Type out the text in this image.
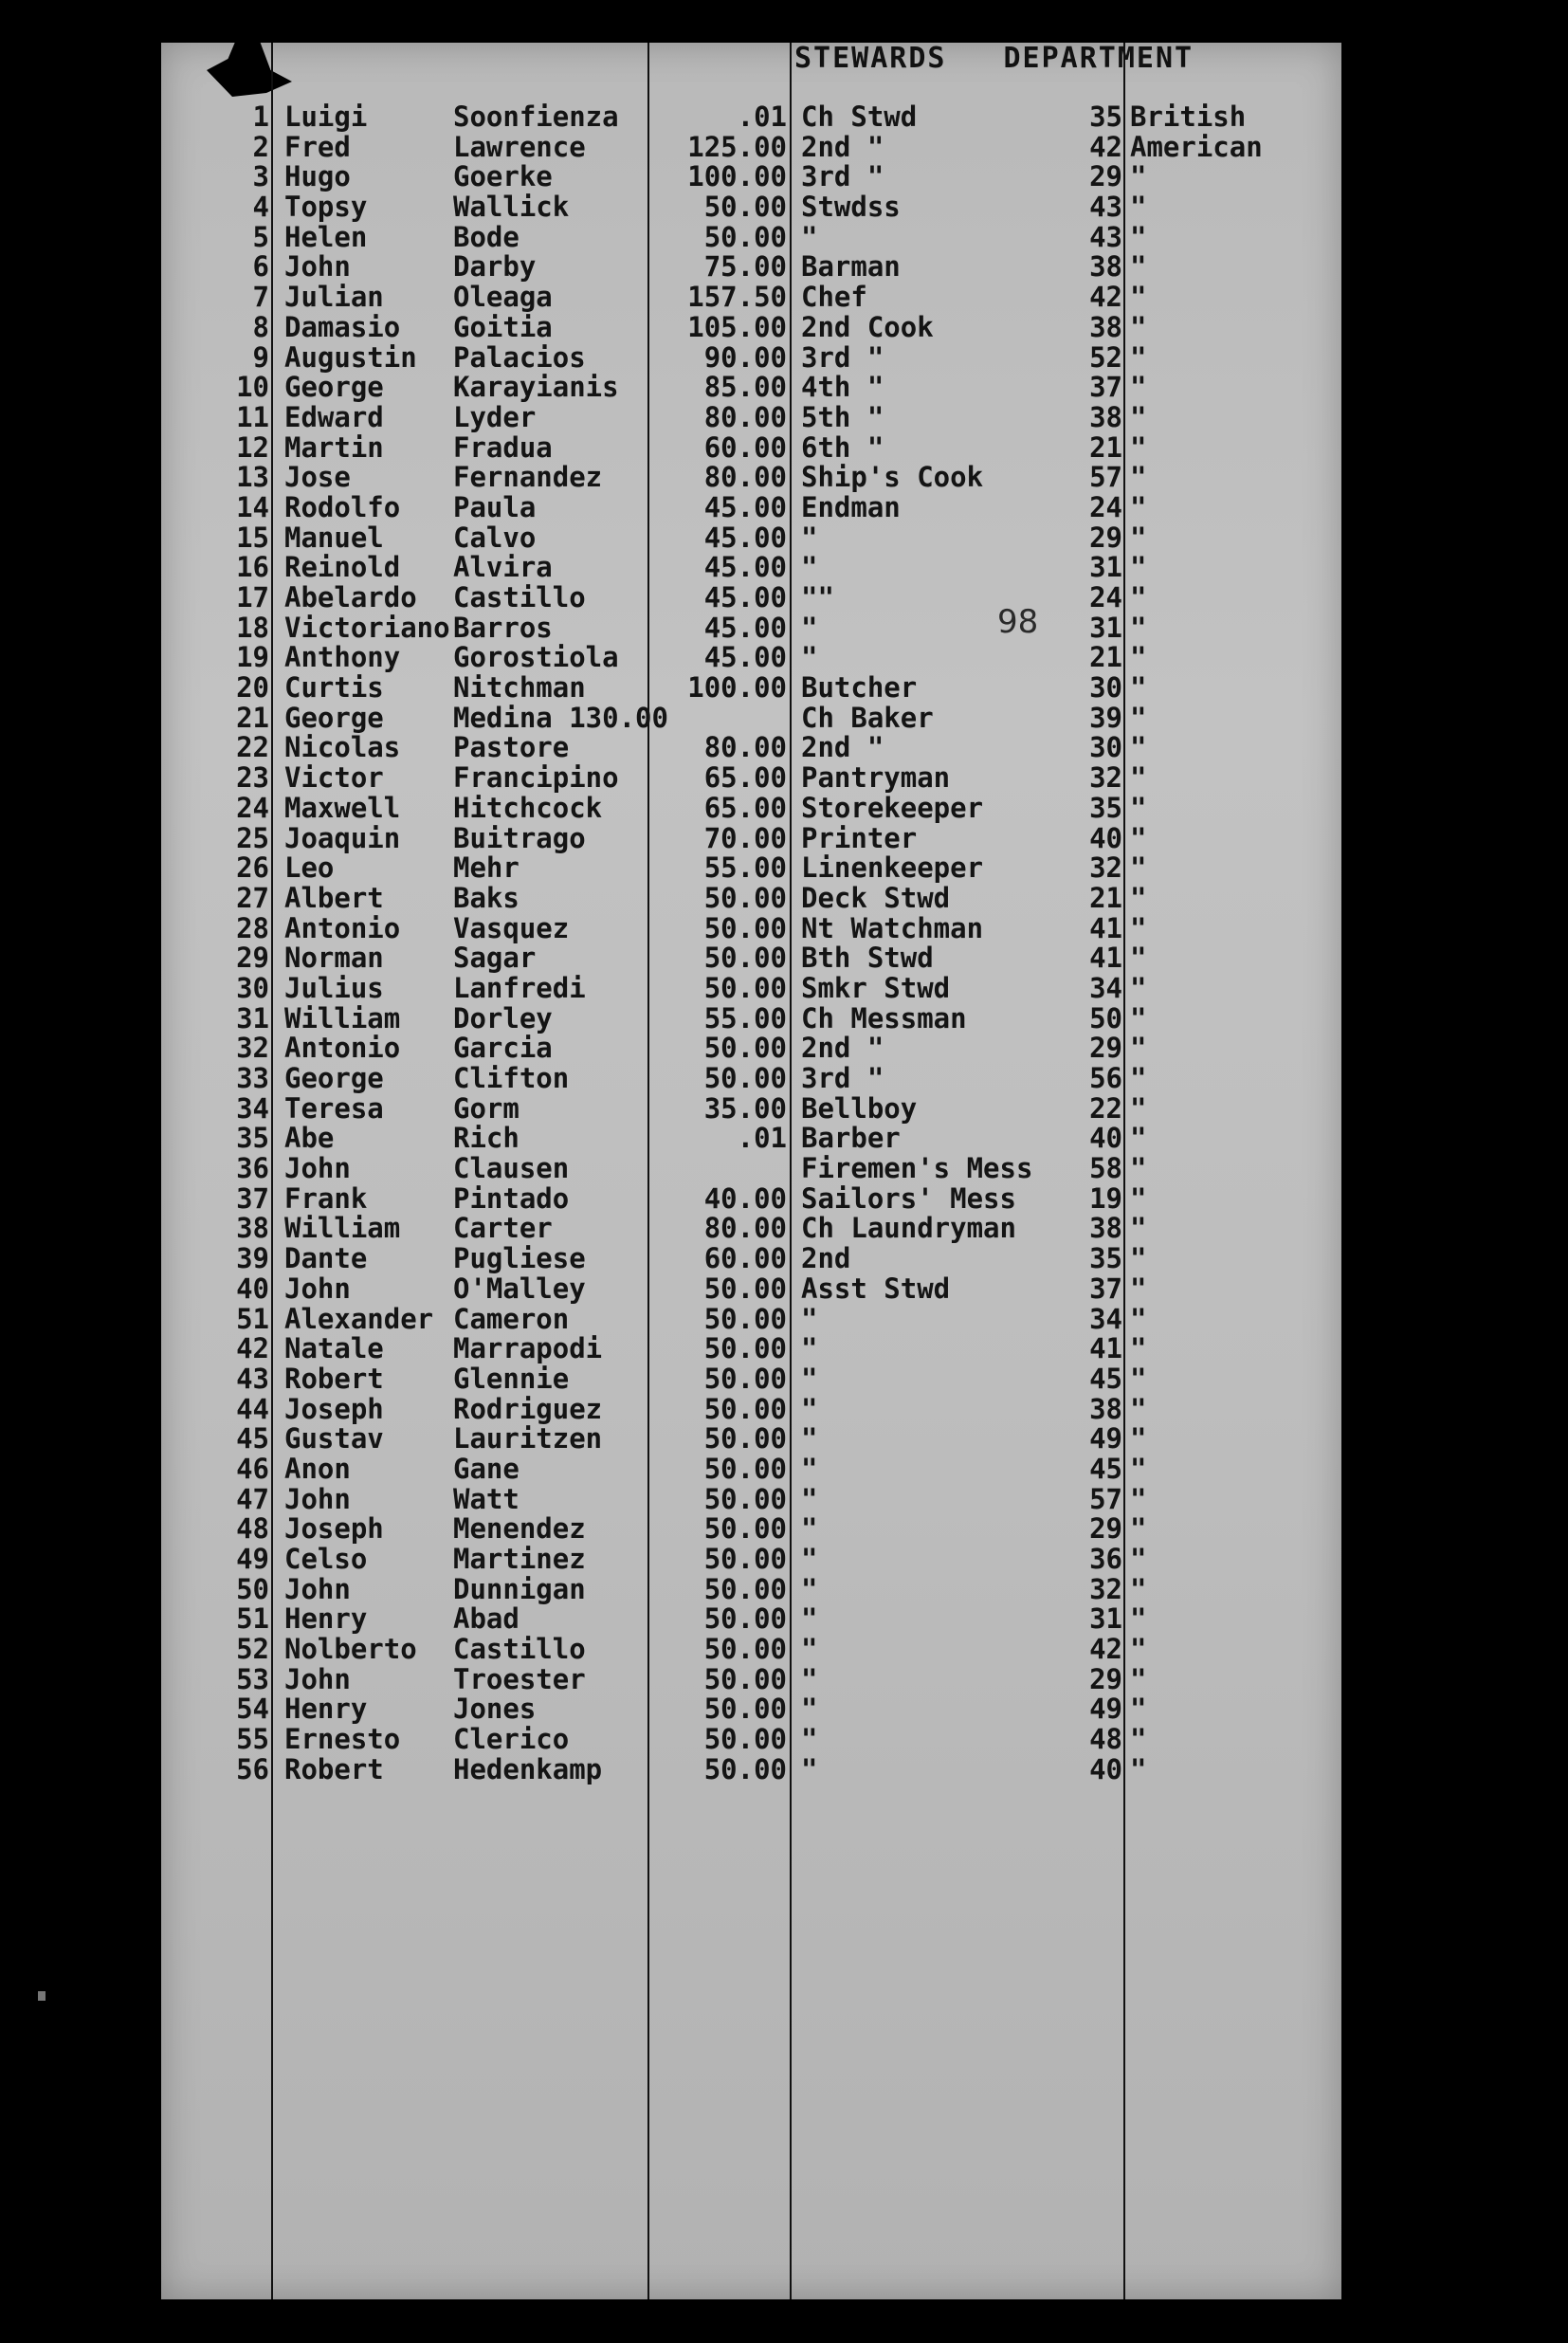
STEWARDS DEPARTMENT
98
1 Luigi	Soonfienza	.01 Ch Stwd	35 British
2 Fred	Lawrence	125.00 2nd "	42 American
3 Hugo	Goerke	100.00 3rd "	29 "
4 Topsy	Wallick	50.00 Stwdss	43 "
5 Helen	Bode	50.00 "	43 "
6 John	Darby	75.00 Barman	38 "
7 Julian	Oleaga	157.50 Chef	42 "
8 Damasio Goitia	105.00 2nd Cook	38 "
9 Augustin Palacios	90.00 3rd "	52 "
10 George	Karayianis	85.00 4th "	37 "
11 Edward	Lyder	80.00 5th "	38 "
12 Martin	Fradua	60.00 6th "	21 "
13 Jose	Fernandez	80.00 Ship's Cook	57 "
14 Rodolfo Paula	45.00 Endman	24 "
15 Manuel	Calvo	45.00 "	29 "
16 Reinold Alvira	45.00 "	31 "
17 Abelardo Castillo	45.00 ""	24 "
18 Victoriano Barros	45.00 "	31 "
19 Anthony Gorostiola	45.00 "	21 "
20 Curtis	Nitchman	100.00 Butcher	30 "
21 George	Medina 130.00	Ch Baker	39 "
22 Nicolas Pastore	80.00 2nd "	30 "
23 Victor	Francipino	65.00 Pantryman	32 "
24 Maxwell Hitchcock	65.00 Storekeeper	35 "
25 Joaquin Buitrago	70.00 Printer	40 "
26 Leo	Mehr	55.00 Linenkeeper	32 "
27 Albert	Baks	50.00 Deck Stwd	21 "
28 Antonio Vasquez	50.00 Nt Watchman	41 "
29 Norman	Sagar	50.00 Bth Stwd	41 "
30 Julius	Lanfredi	50.00 Smkr Stwd	34 "
31 William Dorley	55.00 Ch Messman	50 "
32 Antonio Garcia	50.00 2nd "	29 "
33 George	Clifton	50.00 3rd "	56 "
34 Teresa	Gorm	35.00 Bellboy	22 "
35 Abe	Rich	.01 Barber	40 "
36 John	Clausen	Firemen's Mess	58 "
37 Frank	Pintado	40.00 Sailors' Mess	19 "
38 William Carter	80.00 Ch Laundryman	38 "
39 Dante	Pugliese	60.00 2nd	35 "
40 John	O'Malley	50.00 Asst Stwd	37 "
51 Alexander Cameron	50.00 "	34 "
42 Natale	Marrapodi	50.00 "	41 "
43 Robert	Glennie	50.00 "	45 "
44 Joseph	Rodriguez	50.00 "	38 "
45 Gustav	Lauritzen	50.00 "	49 "
46 Anon	Gane	50.00 "	45 "
47 John	Watt	50.00 "	57 "
48 Joseph	Menendez	50.00 "	29 "
49 Celso	Martinez	50.00 "	36 "
50 John	Dunnigan	50.00 "	32 "
51 Henry	Abad	50.00 "	31 "
52 Nolberto Castillo	50.00 "	42 "
53 John	Troester	50.00 "	29 "
54 Henry	Jones	50.00 "	49 "
55 Ernesto Clerico	50.00 "	48 "
56 Robert	Hedenkamp	50.00 "	40 "
